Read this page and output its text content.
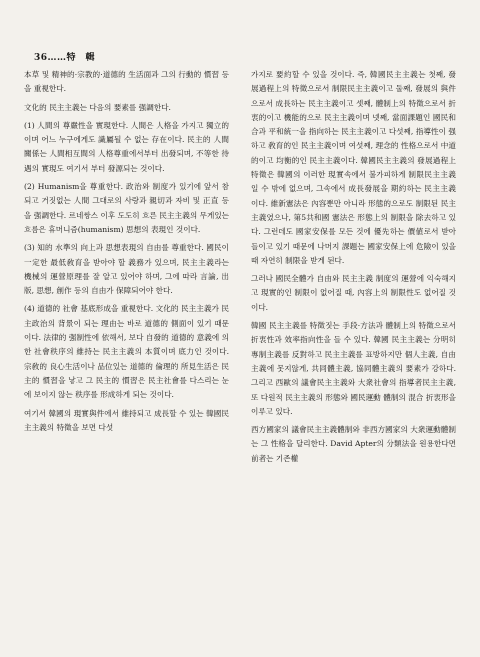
36……特　輯

本草 및 精神的·宗教的·道德的 生活面과 그의 行動的 慣習 등을 重視한다.

文化的 民主主義는 다음의 要素를 强調한다.

(1) 人間의 尊嚴性을 實現한다. 人間은 人格을 가지고 獨立的이며 어느 누구에게도 識屬될 수 없는 存在이다. 民主的 人間關係는 人間相互間의 人格尊重에서부터 出發되며, 不等한 待遇의 實現도 여기서 부터 發源되는 것이다.

(2) Humanism을 尊重한다. 政治와 制度가 있기에 앞서 참되고 거짓없는 人間 그대로의 사랑과 親切과 자비 및 正直 등을 强調한다. 르네쌍스 이후 도도히 흐른 民主主義의 무게있는 흐름은 휴머니즘(humanism) 思想의 表現인 것이다.

(3) 知的 水準의 向上과 思想表現의 自由를 尊重한다. 國民이 一定한 最低敎育을 받아야 할 義務가 있으며, 民主主義라는 機械의 運營原理를 잘 알고 있어야 하며, 그에 따라 言論, 出版, 思想, 創作 등의 自由가 保障되어야 한다.

(4) 道德的 社會 基底形成을 重視한다. 文化的 民主主義가 民主政治의 背景이 되는 理由는 바로 道德的 側面이 있기 때문이다. 法律的 强制性에 依해서, 보다 自發的 道德的 意義에 의한 社會秩序의 維持는 民主主義의 本質이며 底力인 것이다. 宗敎的 良心生活이나 品位있는 道德的 倫理的 所見生活은 民主的 慣習을 낳고 그 民主的 慣習은 民主社會를 다스리는 눈에 보이지 않는 秩序를 形成하게 되는 것이다.

여기서 韓國의 現實與件에서 維持되고 成長할 수 있는 韓國民主主義의 特徵을 보면 다섯

가지로 要約할 수 있을 것이다. 즉, 韓國民主主義는 첫째, 發展過程上의 特徵으로서 制限民主主義이고 둘째, 發展의 與件으로서 成長하는 民主主義이고 셋째, 體制上의 特徵으로서 折衷的이고 機能的으로 民主主義이며 넷째, 當面課題인 國民和合과 平和統一을 指向하는 民主主義이고 다섯째, 指導性이 强하고 敎育的인 民主主義이며 여섯째, 理念的 性格으로서 中道的이고 均衡的인 民主主義이다. 韓國民主主義의 發展過程上 特徵은 韓國의 이러한 現實속에서 불가피하게 制限民主主義일 수 밖에 없으며, 그속에서 成長發展을 期約하는 民主主義이다. 維新憲法은 內容뿐만 아니라 形態的으로도 制限된 民主主義였으나, 第5共和國 憲法은 形態上의 制限을 除去하고 있다. 그런데도 國家安保를 모든 것에 優先하는 價値로서 받아 들이고 있기 때문에 나머지 課題는 國家安保上에 危險이 있을 때 자연히 制限을 받게 된다.

그러나 國民全體가 自由와 民主主義 制度의 運營에 익숙해지고 現實的인 制限이 없어질 때, 內容上의 制限性도 없어질 것이다.

韓國 民主主義를 特徵짓는 手段·方法과 體制上의 特徵으로서 折衷性과 效率指向性을 들 수 있다. 韓國 民主主義는 分明히 專制主義를 反對하고 民主主義를 표방하지만 個人主義, 自由主義에 못지않게, 共同體主義, 協同體主義의 要素가 강하다. 그리고 西歐의 議會民主主義와 大衆社會의 指導者民主主義, 또 다원적 民主主義의 形態와 國民運動 體制의 混合 折衷形을 이루고 있다.

西方國家의 議會民主主義體制와 非西方國家의 大衆運動體制는 그 性格을 달리한다. David Apter의 分類法을 원용한다면 前者는 기존權
